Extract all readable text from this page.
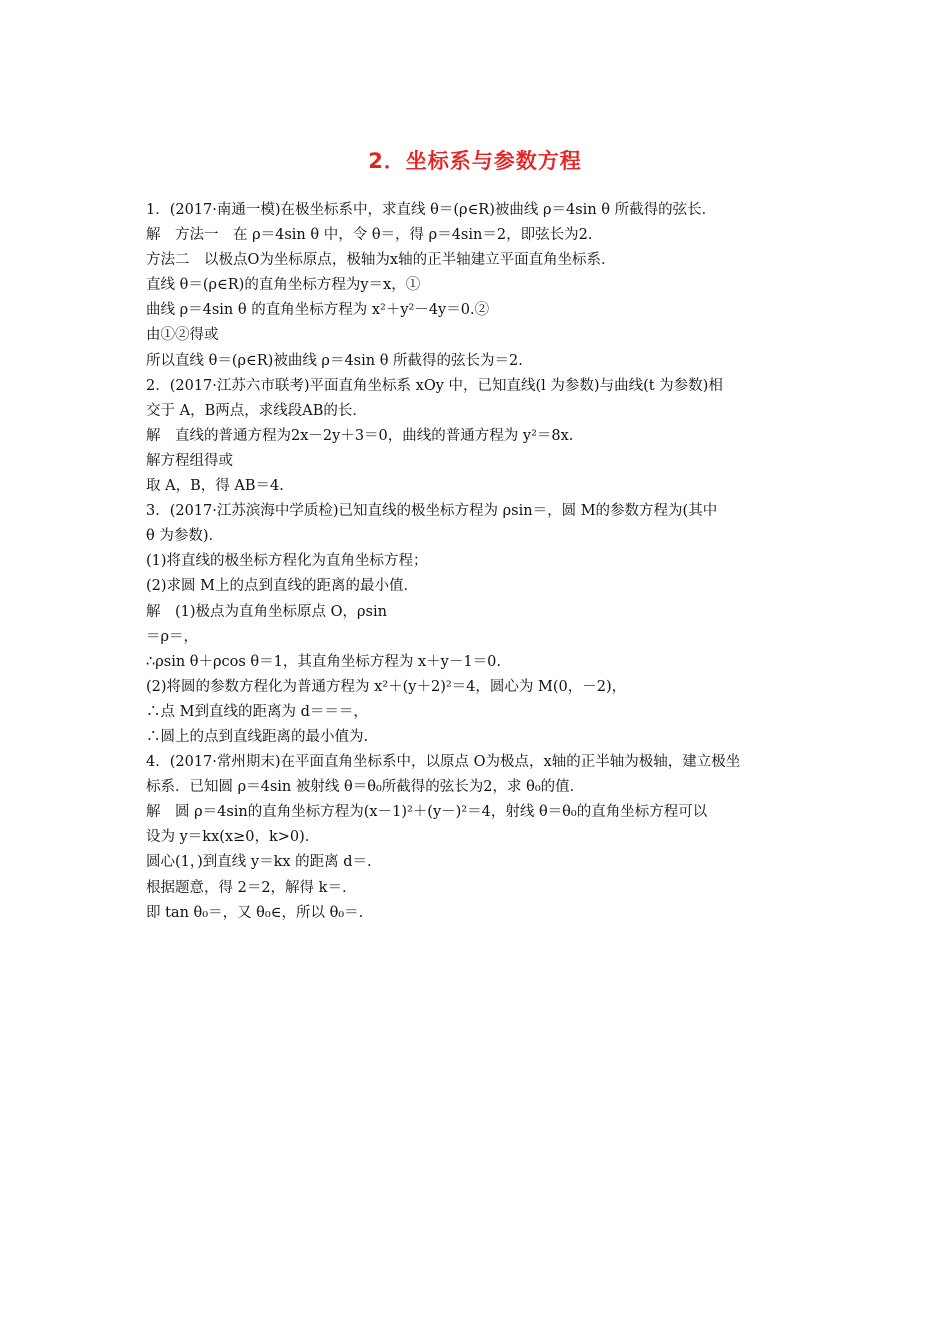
2．坐标系与参数方程
1．(2017·南通一模)在极坐标系中，求直线 θ＝(ρ∈R)被曲线 ρ＝4sin θ 所截得的弦长．
解　方法一　在 ρ＝4sin θ 中，令 θ＝，得 ρ＝4sin＝2，即弦长为2.
方法二　以极点O为坐标原点，极轴为x轴的正半轴建立平面直角坐标系．
直线 θ＝(ρ∈R)的直角坐标方程为y＝x，①
曲线 ρ＝4sin θ 的直角坐标方程为 x²＋y²－4y＝0.②
由①②得或
所以直线 θ＝(ρ∈R)被曲线 ρ＝4sin θ 所截得的弦长为＝2.
2．(2017·江苏六市联考)平面直角坐标系 xOy 中，已知直线(l 为参数)与曲线(t 为参数)相
交于 A，B两点，求线段AB的长．
解　直线的普通方程为2x－2y＋3＝0，曲线的普通方程为 y²＝8x.
解方程组得或
取 A，B，得 AB＝4.
3．(2017·江苏滨海中学质检)已知直线的极坐标方程为 ρsin＝，圆 M的参数方程为(其中
θ 为参数)．
(1)将直线的极坐标方程化为直角坐标方程；
(2)求圆 M上的点到直线的距离的最小值．
解　(1)极点为直角坐标原点 O，ρsin
＝ρ＝，
∴ρsin θ＋ρcos θ＝1，其直角坐标方程为 x＋y－1＝0.
(2)将圆的参数方程化为普通方程为 x²＋(y＋2)²＝4，圆心为 M(0，－2)，
∴点 M到直线的距离为 d＝＝＝，
∴圆上的点到直线距离的最小值为.
4．(2017·常州期末)在平面直角坐标系中，以原点 O为极点，x轴的正半轴为极轴，建立极坐
标系．已知圆 ρ＝4sin 被射线 θ＝θ₀所截得的弦长为2，求 θ₀的值．
解　圆 ρ＝4sin的直角坐标方程为(x－1)²＋(y－)²＝4，射线 θ＝θ₀的直角坐标方程可以
设为 y＝kx(x≥0，k>0)．
圆心(1，)到直线 y＝kx 的距离 d＝.
根据题意，得 2＝2，解得 k＝.
即 tan θ₀＝，又 θ₀∈，所以 θ₀＝.
